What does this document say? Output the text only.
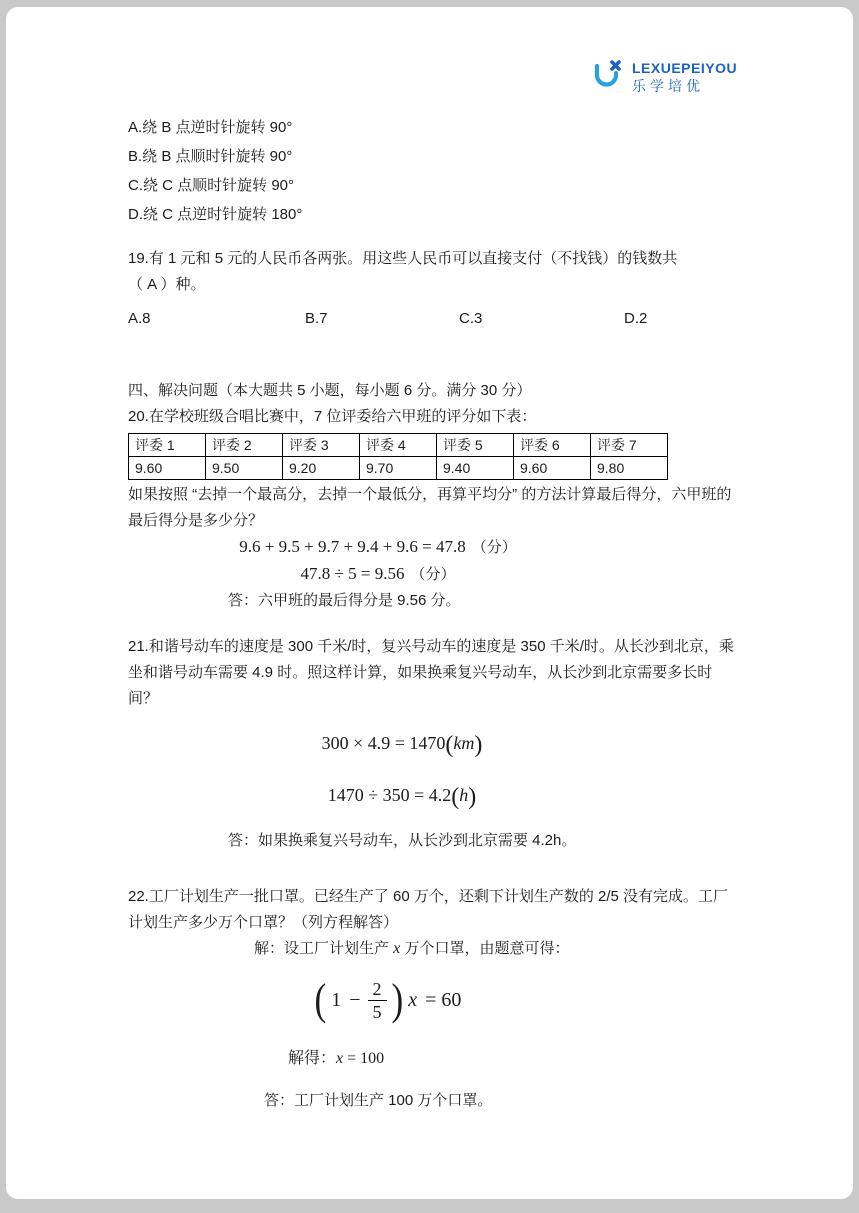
LEXUEPEIYOU
乐学培优
A.绕 B 点逆时针旋转 90°
B.绕 B 点顺时针旋转 90°
C.绕 C 点顺时针旋转 90°
D.绕 C 点逆时针旋转 180°
19.有 1 元和 5 元的人民币各两张。用这些人民币可以直接支付（不找钱）的钱数共
（ A ）种。
A.8	B.7	C.3	D.2
四、解决问题（本大题共 5 小题，每小题 6 分。满分 30 分）
20.在学校班级合唱比赛中，7 位评委给六甲班的评分如下表：
评委 1	评委 2	评委 3	评委 4	评委 5	评委 6	评委 7
9.60	9.50	9.20	9.70	9.40	9.60	9.80
如果按照 “去掉一个最高分，去掉一个最低分，再算平均分” 的方法计算最后得分，六甲班的最后得分是多少分？
9.6 + 9.5 + 9.7 + 9.4 + 9.6 = 47.8 （分）
47.8 ÷ 5 = 9.56 （分）
答：六甲班的最后得分是 9.56 分。
21.和谐号动车的速度是 300 千米/时，复兴号动车的速度是 350 千米/时。从长沙到北京，乘坐和谐号动车需要 4.9 时。照这样计算，如果换乘复兴号动车，从长沙到北京需要多长时间？
300 × 4.9 = 1470(km)
1470 ÷ 350 = 4.2(h)
答：如果换乘复兴号动车，从长沙到北京需要 4.2h。
22.工厂计划生产一批口罩。已经生产了 60 万个，还剩下计划生产数的 2/5 没有完成。工厂计划生产多少万个口罩？（列方程解答）
解：设工厂计划生产 x 万个口罩，由题意可得：
( $1 - \frac{2}{5}$ ) x = 60
解得：x = 100
答：工厂计划生产 100 万个口罩。
